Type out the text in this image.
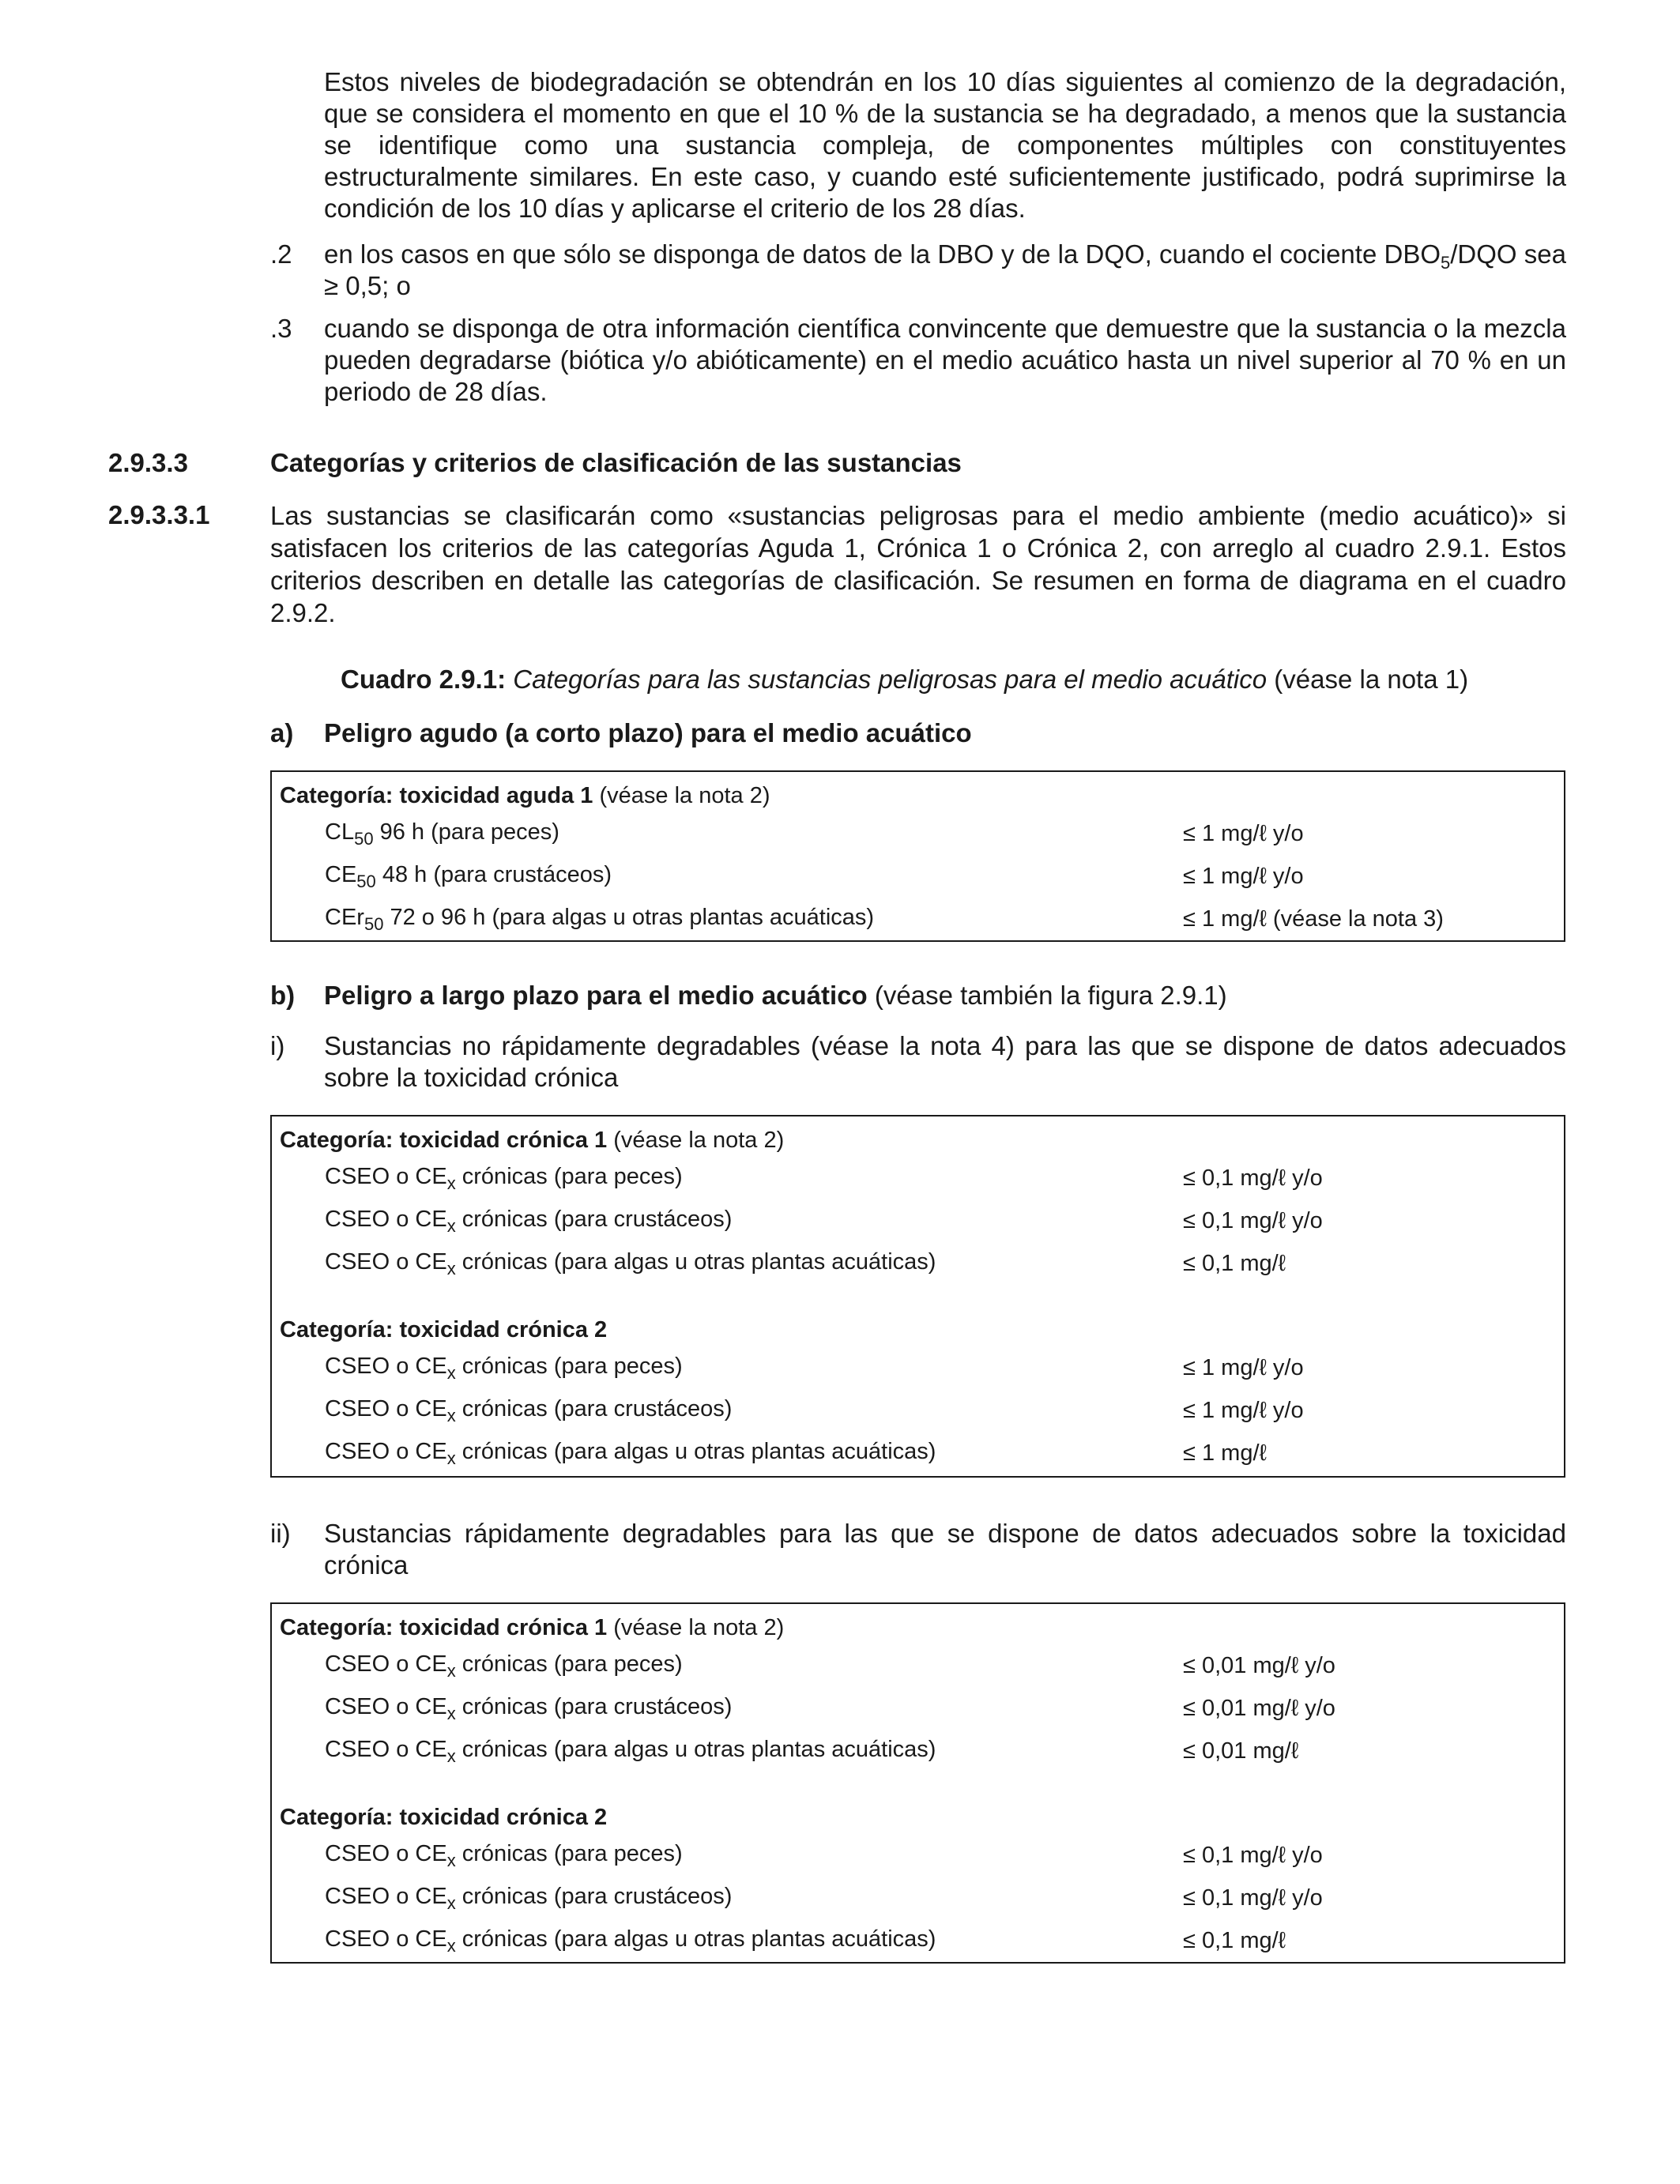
Estos niveles de biodegradación se obtendrán en los 10 días siguientes al comienzo de la degradación, que se considera el momento en que el 10 % de la sustancia se ha degradado, a menos que la sustancia se identifique como una sustancia compleja, de componentes múltiples con constituyentes estructuralmente similares. En este caso, y cuando esté suficientemente justificado, podrá suprimirse la condición de los 10 días y aplicarse el criterio de los 28 días.
.2 en los casos en que sólo se disponga de datos de la DBO y de la DQO, cuando el cociente $DBO_5$/DQO sea ≥ 0,5; o
.3 cuando se disponga de otra información científica convincente que demuestre que la sustancia o la mezcla pueden degradarse (biótica y/o abióticamente) en el medio acuático hasta un nivel superior al 70 % en un periodo de 28 días.
2.9.3.3	Categorías y criterios de clasificación de las sustancias
2.9.3.3.1 Las sustancias se clasificarán como «sustancias peligrosas para el medio ambiente (medio acuático)» si satisfacen los criterios de las categorías Aguda 1, Crónica 1 o Crónica 2, con arreglo al cuadro 2.9.1. Estos criterios describen en detalle las categorías de clasificación. Se resumen en forma de diagrama en el cuadro 2.9.2.
Cuadro 2.9.1: Categorías para las sustancias peligrosas para el medio acuático (véase la nota 1)
a) Peligro agudo (a corto plazo) para el medio acuático
Categoría: toxicidad aguda 1 (véase la nota 2)
$CL_{50}$ 96 h (para peces)	≤ 1 mg/ℓ y/o
$CE_{50}$ 48 h (para crustáceos)	≤ 1 mg/ℓ y/o
CEr$_{50}$ 72 o 96 h (para algas u otras plantas acuáticas)	≤ 1 mg/ℓ (véase la nota 3)
b) Peligro a largo plazo para el medio acuático (véase también la figura 2.9.1)
i) Sustancias no rápidamente degradables (véase la nota 4) para las que se dispone de datos adecuados sobre la toxicidad crónica
Categoría: toxicidad crónica 1 (véase la nota 2)
CSEO o $CE_x$ crónicas (para peces)	≤ 0,1 mg/ℓ y/o
CSEO o $CE_x$ crónicas (para crustáceos)	≤ 0,1 mg/ℓ y/o
CSEO o $CE_x$ crónicas (para algas u otras plantas acuáticas)	≤ 0,1 mg/ℓ
Categoría: toxicidad crónica 2
CSEO o $CE_x$ crónicas (para peces)	≤ 1 mg/ℓ y/o
CSEO o $CE_x$ crónicas (para crustáceos)	≤ 1 mg/ℓ y/o
CSEO o $CE_x$ crónicas (para algas u otras plantas acuáticas)	≤ 1 mg/ℓ
ii) Sustancias rápidamente degradables para las que se dispone de datos adecuados sobre la toxicidad crónica
Categoría: toxicidad crónica 1 (véase la nota 2)
CSEO o $CE_x$ crónicas (para peces)	≤ 0,01 mg/ℓ y/o
CSEO o $CE_x$ crónicas (para crustáceos)	≤ 0,01 mg/ℓ y/o
CSEO o $CE_x$ crónicas (para algas u otras plantas acuáticas)	≤ 0,01 mg/ℓ
Categoría: toxicidad crónica 2
CSEO o $CE_x$ crónicas (para peces)	≤ 0,1 mg/ℓ y/o
CSEO o $CE_x$ crónicas (para crustáceos)	≤ 0,1 mg/ℓ y/o
CSEO o $CE_x$ crónicas (para algas u otras plantas acuáticas)	≤ 0,1 mg/ℓ
